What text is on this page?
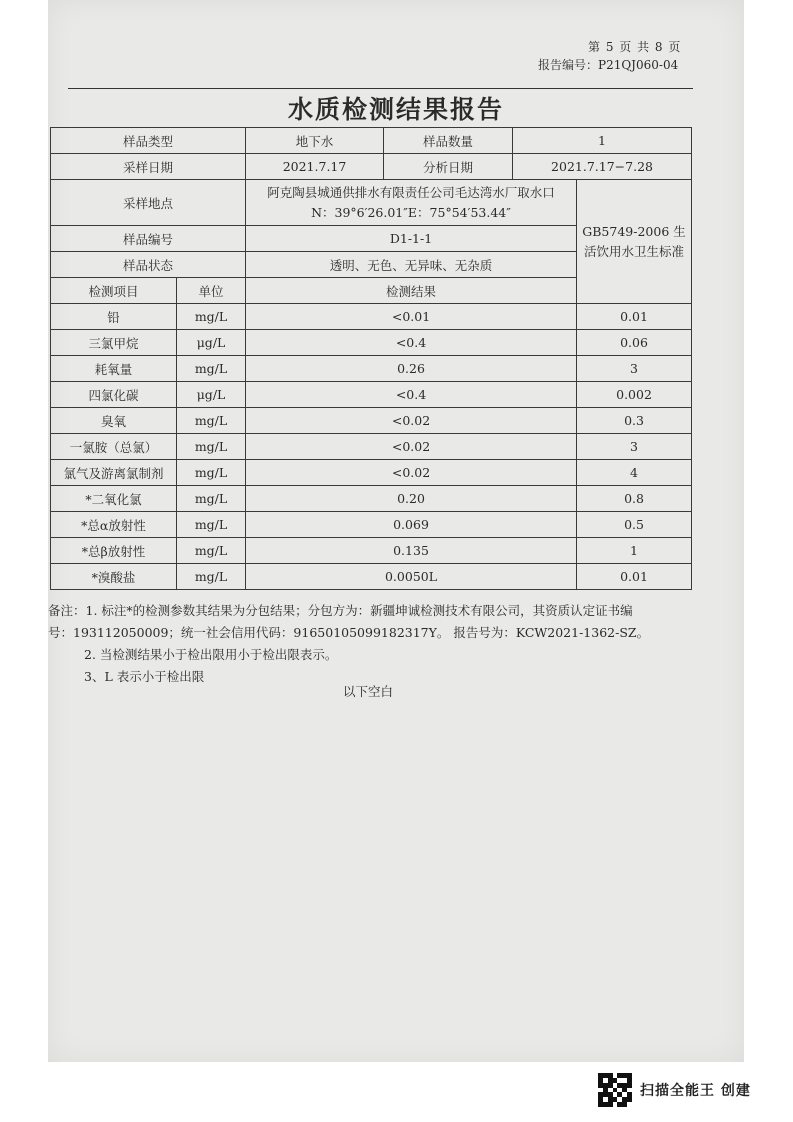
第 5 页 共 8 页
报告编号：P21QJ060-04
水质检测结果报告
样品类型		地下水	样品数量	1	
采样日期		2021.7.17	分析日期	2021.7.17−7.28	
采样地点		阿克陶县城通供排水有限责任公司毛达湾水厂取水口
N：39°6′26.01″E：75°54′53.44″			GB5749-2006 生活饮用水卫生标准
样品编号		D1-1-1			
样品状态		透明、无色、无异味、无杂质			
检测项目	单位	检测结果			
铅	mg/L	<0.01			0.01
三氯甲烷	μg/L	<0.4			0.06
耗氧量	mg/L	0.26			3
四氯化碳	μg/L	<0.4			0.002
臭氧	mg/L	<0.02			0.3
一氯胺（总氯）	mg/L	<0.02			3
氯气及游离氯制剂	mg/L	<0.02			4
*二氧化氯	mg/L	0.20			0.8
*总α放射性	mg/L	0.069			0.5
*总β放射性	mg/L	0.135			1
*溴酸盐	mg/L	0.0050L			0.01

备注：1. 标注*的检测参数其结果为分包结果；分包方为：新疆坤诚检测技术有限公司，其资质认定证书编

号：193112050009；统一社会信用代码：91650105099182317Y。 报告号为：KCW2021-1362-SZ。

2. 当检测结果小于检出限用小于检出限表示。

3、L 表示小于检出限

以下空白
扫描全能王 创建
